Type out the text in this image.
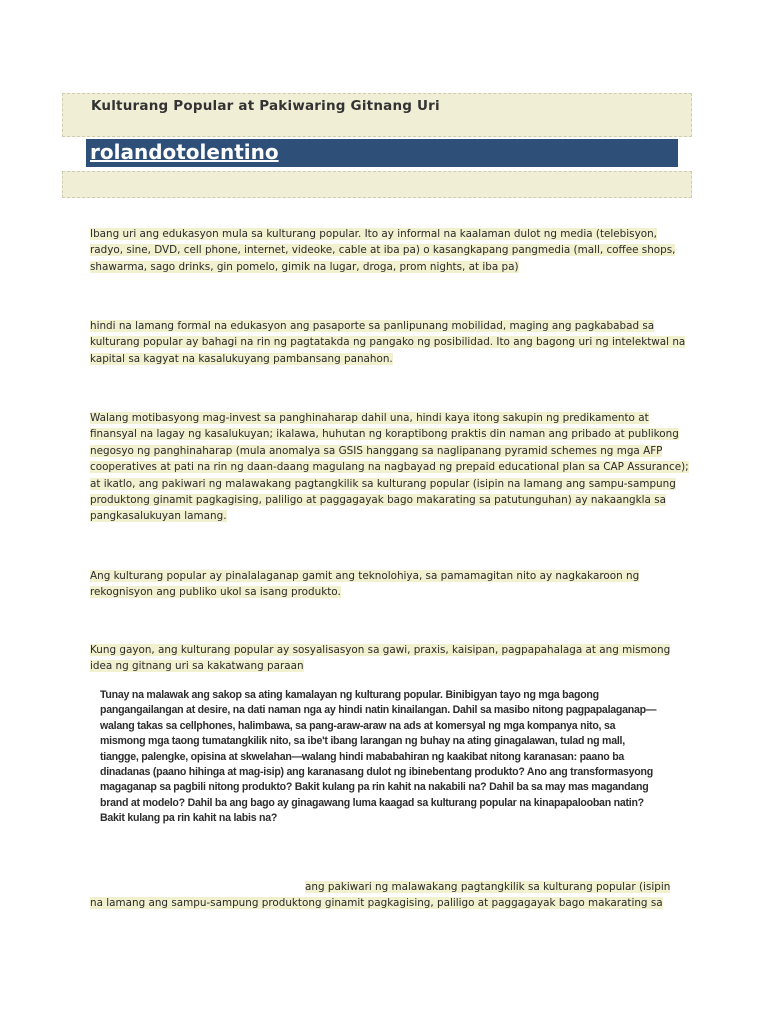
Kulturang Popular at Pakiwaring Gitnang Uri
rolandotolentino

Ibang uri ang edukasyon mula sa kulturang popular. Ito ay informal na kaalaman dulot ng media (telebisyon, radyo, sine, DVD, cell phone, internet, videoke, cable at iba pa) o kasangkapang pangmedia (mall, coffee shops, shawarma, sago drinks, gin pomelo, gimik na lugar, droga, prom nights, at iba pa)

hindi na lamang formal na edukasyon ang pasaporte sa panlipunang mobilidad, maging ang pagkababad sa kulturang popular ay bahagi na rin ng pagtatakda ng pangako ng posibilidad. Ito ang bagong uri ng intelektwal na kapital sa kagyat na kasalukuyang pambansang panahon.

Walang motibasyong mag-invest sa panghinaharap dahil una, hindi kaya itong sakupin ng predikamento at finansyal na lagay ng kasalukuyan; ikalawa, huhutan ng koraptibong praktis din naman ang pribado at publikong negosyo ng panghinaharap (mula anomalya sa GSIS hanggang sa naglipanang pyramid schemes ng mga AFP cooperatives at pati na rin ng daan-daang magulang na nagbayad ng prepaid educational plan sa CAP Assurance); at ikatlo, ang pakiwari ng malawakang pagtangkilik sa kulturang popular (isipin na lamang ang sampu-sampung produktong ginamit pagkagising, paliligo at paggagayak bago makarating sa patutunguhan) ay nakaangkla sa pangkasalukuyan lamang.

Ang kulturang popular ay pinalalaganap gamit ang teknolohiya, sa pamamagitan nito ay nagkakaroon ng rekognisyon ang publiko ukol sa isang produkto.

Kung gayon, ang kulturang popular ay sosyalisasyon sa gawi, praxis, kaisipan, pagpapahalaga at ang mismong idea ng gitnang uri sa kakatwang paraan

Tunay na malawak ang sakop sa ating kamalayan ng kulturang popular. Binibigyan tayo ng mga bagong pangangailangan at desire, na dati naman nga ay hindi natin kinailangan. Dahil sa masibo nitong pagpapalaganap—walang takas sa cellphones, halimbawa, sa pang-araw-araw na ads at komersyal ng mga kompanya nito, sa mismong mga taong tumatangkilik nito, sa ibe't ibang larangan ng buhay na ating ginagalawan, tulad ng mall, tiangge, palengke, opisina at skwelahan—walang hindi mababahiran ng kaakibat nitong karanasan: paano ba dinadanas (paano hihinga at mag-isip) ang karanasang dulot ng ibinebentang produkto? Ano ang transformasyong magaganap sa pagbili nitong produkto? Bakit kulang pa rin kahit na nakabili na? Dahil ba sa may mas magandang brand at modelo? Dahil ba ang bago ay ginagawang luma kaagad sa kulturang popular na kinapapalooban natin? Bakit kulang pa rin kahit na labis na?

ang pakiwari ng malawakang pagtangkilik sa kulturang popular (isipin

na lamang ang sampu-sampung produktong ginamit pagkagising, paliligo at paggagayak bago makarating sa
